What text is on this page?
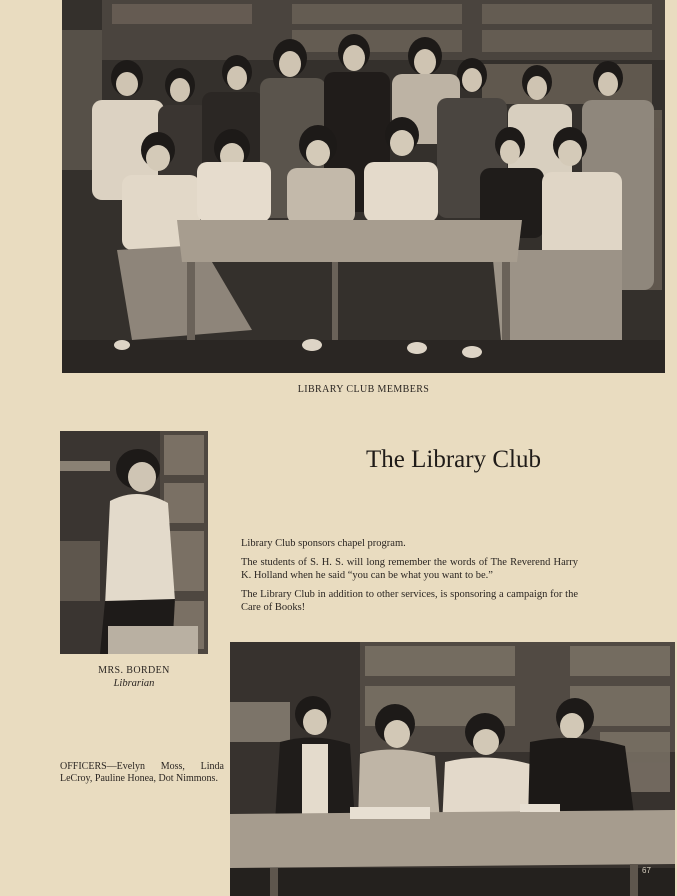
LIBRARY CLUB MEMBERS
MRS. BORDEN
Librarian
The Library Club

Library Club sponsors chapel program.

The students of S. H. S. will long remember the words of The Reverend Harry K. Holland when he said “you can be what you want to be.”

The Library Club in addition to other services, is sponsoring a campaign for the Care of Books!

OFFICERS—Evelyn Moss, Linda LeCroy, Pauline Honea, Dot Nimmons.
67
